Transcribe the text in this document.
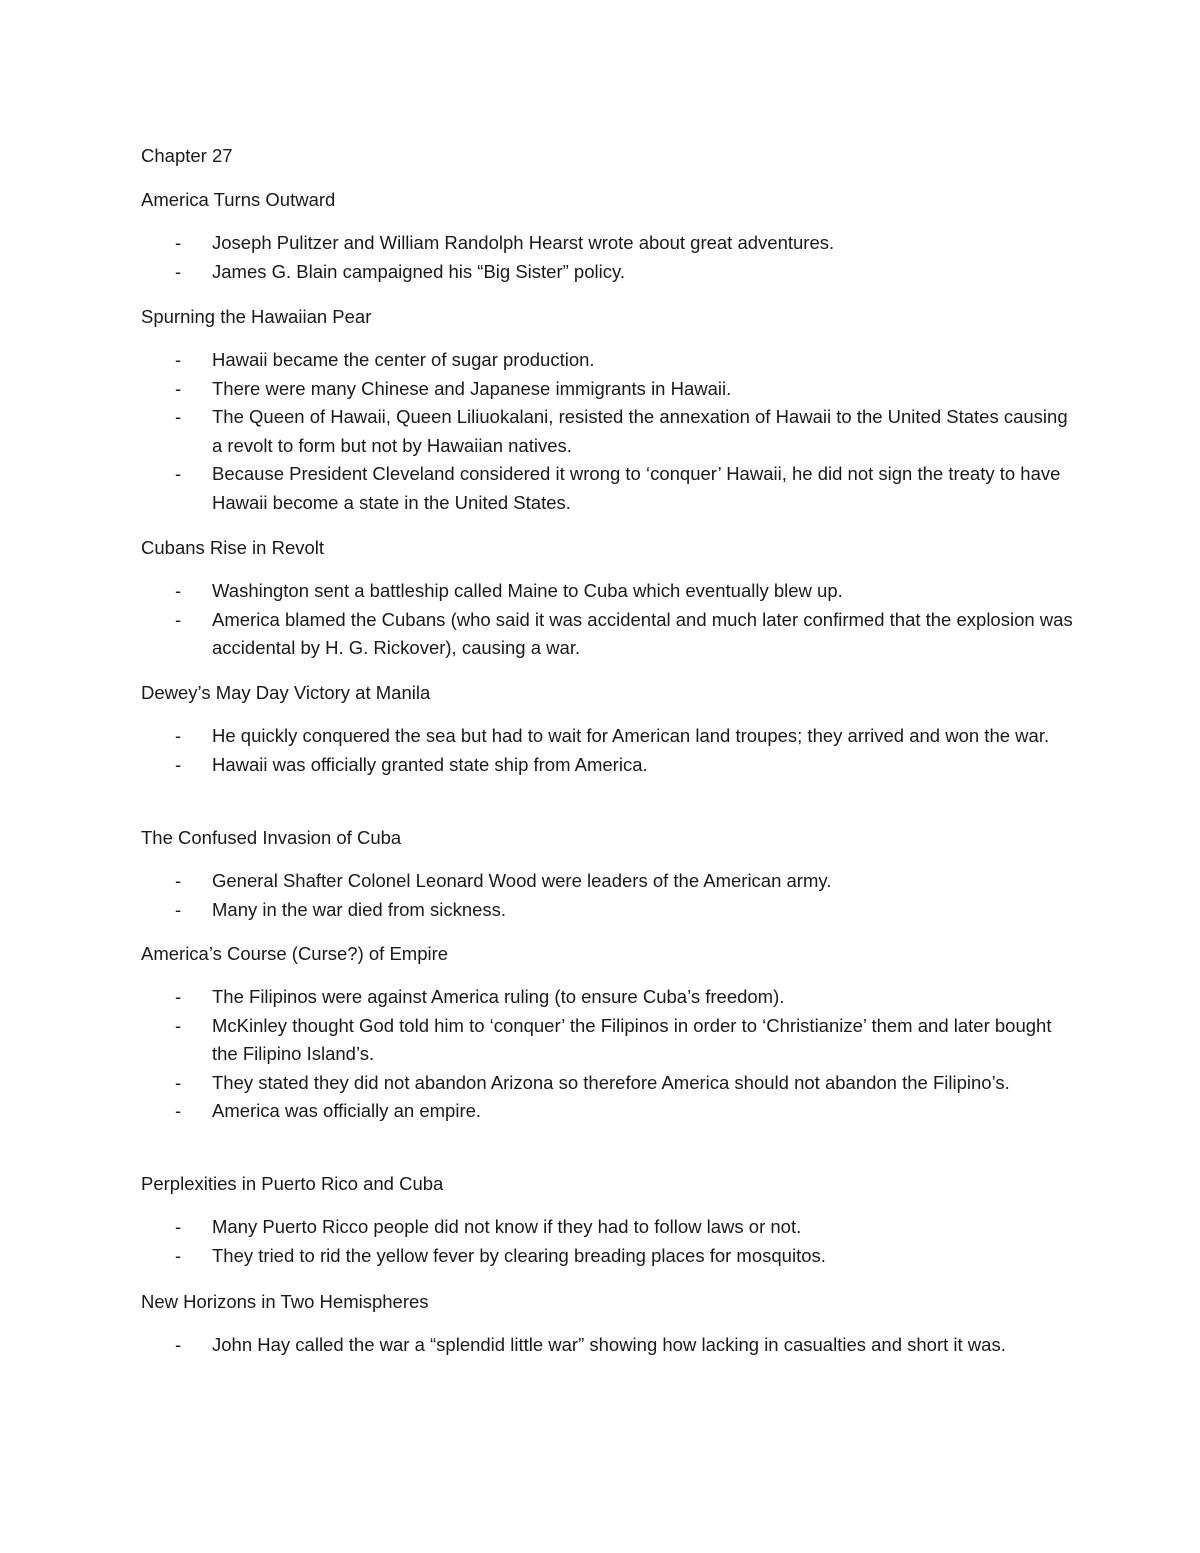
Chapter 27
America Turns Outward
- Joseph Pulitzer and William Randolph Hearst wrote about great adventures.
- James G. Blain campaigned his “Big Sister” policy.
Spurning the Hawaiian Pear
- Hawaii became the center of sugar production.
- There were many Chinese and Japanese immigrants in Hawaii.
- The Queen of Hawaii, Queen Liliuokalani, resisted the annexation of Hawaii to the United States causing a revolt to form but not by Hawaiian natives.
- Because President Cleveland considered it wrong to ‘conquer’ Hawaii, he did not sign the treaty to have Hawaii become a state in the United States.
Cubans Rise in Revolt
- Washington sent a battleship called Maine to Cuba which eventually blew up.
- America blamed the Cubans (who said it was accidental and much later confirmed that the explosion was accidental by H. G. Rickover), causing a war.
Dewey’s May Day Victory at Manila
- He quickly conquered the sea but had to wait for American land troupes; they arrived and won the war.
- Hawaii was officially granted state ship from America.
The Confused Invasion of Cuba
- General Shafter Colonel Leonard Wood were leaders of the American army.
- Many in the war died from sickness.
America’s Course (Curse?) of Empire
- The Filipinos were against America ruling (to ensure Cuba’s freedom).
- McKinley thought God told him to ‘conquer’ the Filipinos in order to ‘Christianize’ them and later bought the Filipino Island’s.
- They stated they did not abandon Arizona so therefore America should not abandon the Filipino’s.
- America was officially an empire.
Perplexities in Puerto Rico and Cuba
- Many Puerto Ricco people did not know if they had to follow laws or not.
- They tried to rid the yellow fever by clearing breading places for mosquitos.
New Horizons in Two Hemispheres
- John Hay called the war a “splendid little war” showing how lacking in casualties and short it was.
